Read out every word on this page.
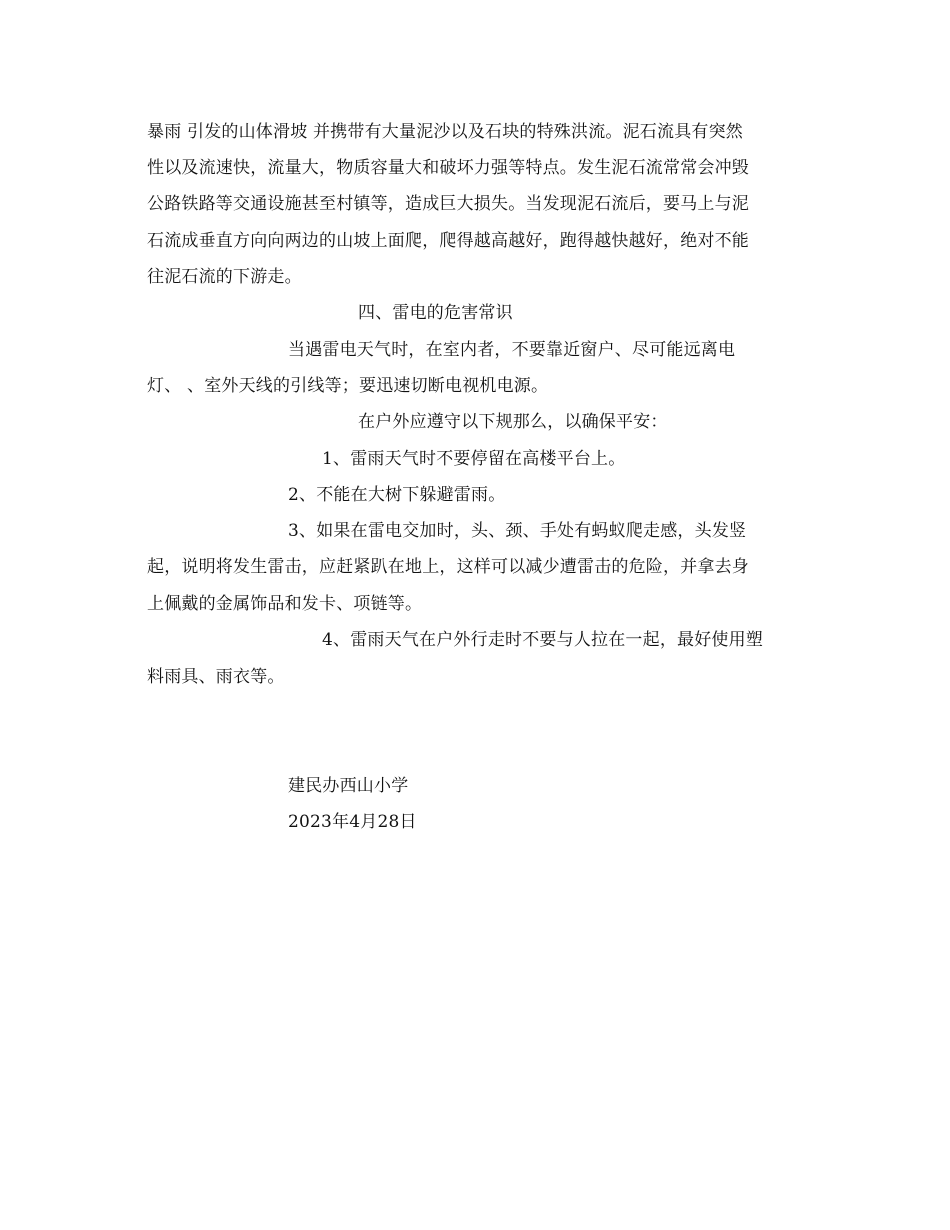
暴雨 引发的山体滑坡 并携带有大量泥沙以及石块的特殊洪流。泥石流具有突然
性以及流速快，流量大，物质容量大和破坏力强等特点。发生泥石流常常会冲毁
公路铁路等交通设施甚至村镇等，造成巨大损失。当发现泥石流后，要马上与泥
石流成垂直方向向两边的山坡上面爬，爬得越高越好，跑得越快越好，绝对不能
往泥石流的下游走。
四、雷电的危害常识
当遇雷电天气时，在室内者，不要靠近窗户、尽可能远离电
灯、 、室外天线的引线等；要迅速切断电视机电源。
在户外应遵守以下规那么，以确保平安：
1、雷雨天气时不要停留在高楼平台上。
2、不能在大树下躲避雷雨。
3、如果在雷电交加时，头、颈、手处有蚂蚁爬走感，头发竖
起，说明将发生雷击，应赶紧趴在地上，这样可以减少遭雷击的危险，并拿去身
上佩戴的金属饰品和发卡、项链等。
4、雷雨天气在户外行走时不要与人拉在一起，最好使用塑
料雨具、雨衣等。
建民办西山小学
2023年4月28日
